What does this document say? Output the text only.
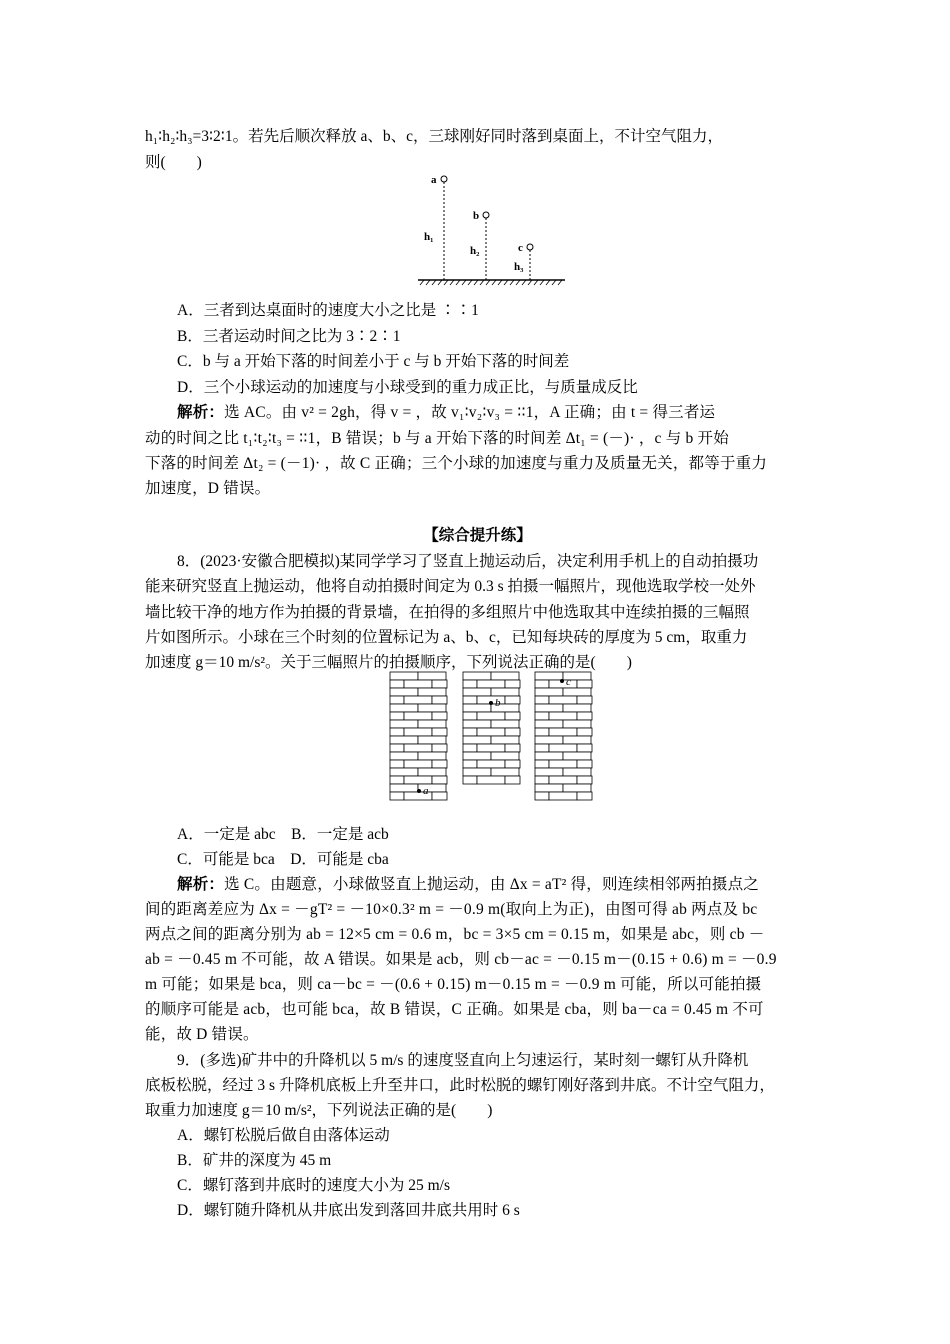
h₁∶h₂∶h₃=3∶2∶1。若先后顺次释放 a、b、c，三球刚好同时落到桌面上，不计空气阻力，
则(　　)
a
h₁
b
h₂	c
h₃
A．三者到达桌面时的速度大小之比是 ∶∶1
B．三者运动时间之比为 3∶2∶1
C．b 与 a 开始下落的时间差小于 c 与 b 开始下落的时间差
D．三个小球运动的加速度与小球受到的重力成正比，与质量成反比
解析：选 AC。由 v² = 2gh，得 v = ，故 v₁∶v₂∶v₃ = ∶∶1，A 正确；由 t = 得三者运
动的时间之比 t₁∶t₂∶t₃ = ∶∶1，B 错误；b 与 a 开始下落的时间差 Δt₁ = (－)· ，c 与 b 开始
下落的时间差 Δt₂ = (－1)· ，故 C 正确；三个小球的加速度与重力及质量无关，都等于重力
加速度，D 错误。
【综合提升练】
8．(2023·安徽合肥模拟)某同学学习了竖直上抛运动后，决定利用手机上的自动拍摄功
能来研究竖直上抛运动，他将自动拍摄时间定为 0.3 s 拍摄一幅照片，现他选取学校一处外
墙比较干净的地方作为拍摄的背景墙，在拍得的多组照片中他选取其中连续拍摄的三幅照
片如图所示。小球在三个时刻的位置标记为 a、b、c，已知每块砖的厚度为 5 cm，取重力
加速度 g＝10 m/s²。关于三幅照片的拍摄顺序，下列说法正确的是(　　)
a
b
c
A．一定是 abc　B．一定是 acb
C．可能是 bca　D．可能是 cba
解析：选 C。由题意，小球做竖直上抛运动，由 Δx = aT² 得，则连续相邻两拍摄点之
间的距离差应为 Δx = －gT² = －10×0.3² m = －0.9 m(取向上为正)，由图可得 ab 两点及 bc
两点之间的距离分别为 ab = 12×5 cm = 0.6 m，bc = 3×5 cm = 0.15 m，如果是 abc，则 cb －
ab = －0.45 m 不可能，故 A 错误。如果是 acb，则 cb－ac = －0.15 m－(0.15 + 0.6) m = －0.9
m 可能；如果是 bca，则 ca－bc = －(0.6 + 0.15) m－0.15 m = －0.9 m 可能，所以可能拍摄
的顺序可能是 acb，也可能 bca，故 B 错误，C 正确。如果是 cba，则 ba－ca = 0.45 m 不可
能，故 D 错误。
9．(多选)矿井中的升降机以 5 m/s 的速度竖直向上匀速运行，某时刻一螺钉从升降机
底板松脱，经过 3 s 升降机底板上升至井口，此时松脱的螺钉刚好落到井底。不计空气阻力，
取重力加速度 g＝10 m/s²，下列说法正确的是(　　)
A．螺钉松脱后做自由落体运动
B．矿井的深度为 45 m
C．螺钉落到井底时的速度大小为 25 m/s
D．螺钉随升降机从井底出发到落回井底共用时 6 s
